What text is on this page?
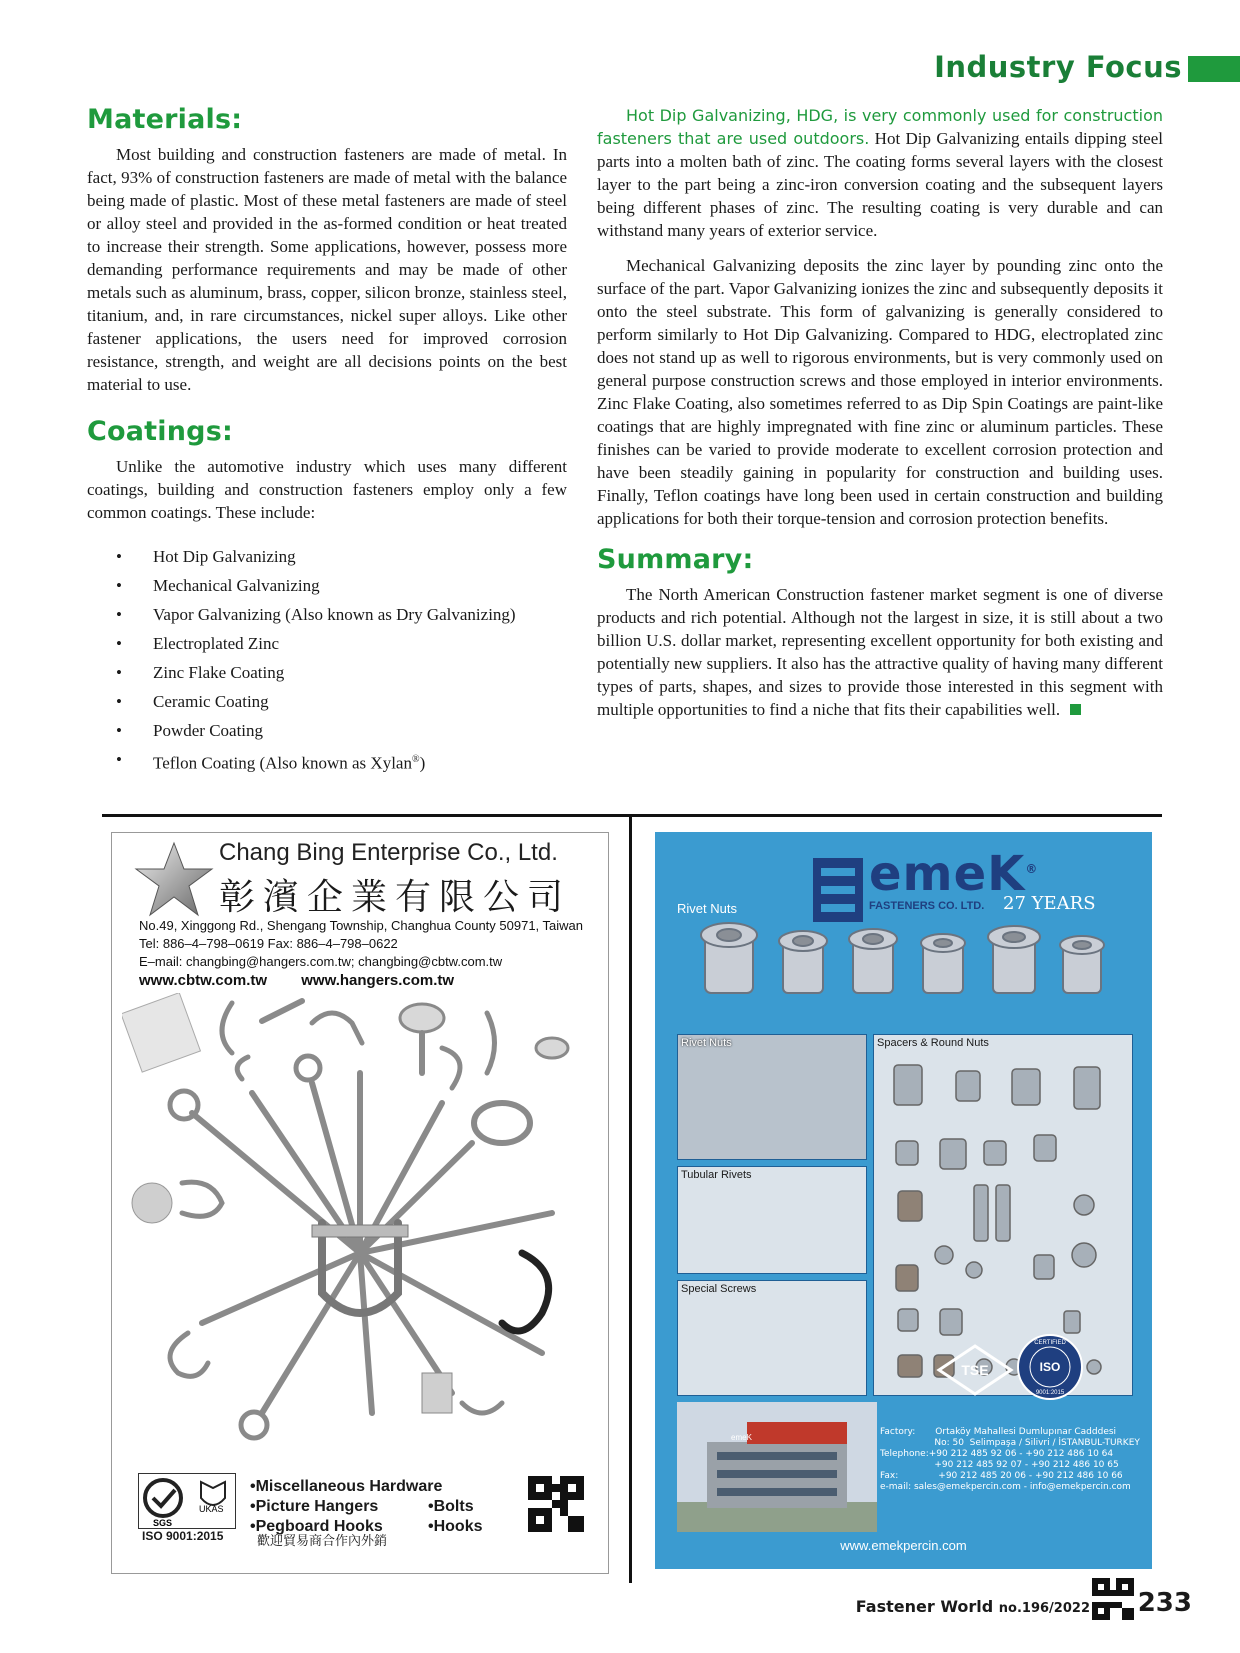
Industry Focus
Materials:

Most building and construction fasteners are made of metal. In fact, 93% of construction fasteners are made of metal with the balance being made of plastic. Most of these metal fasteners are made of steel or alloy steel and provided in the as-formed condition or heat treated to increase their strength. Some applications, however, possess more demanding performance requirements and may be made of other metals such as aluminum, brass, copper, silicon bronze, stainless steel, titanium, and, in rare circumstances, nickel super alloys. Like other fastener applications, the users need for improved corrosion resistance, strength, and weight are all decisions points on the best material to use.

Coatings:

Unlike the automotive industry which uses many different coatings, building and construction fasteners employ only a few common coatings. These include:

• Hot Dip Galvanizing
• Mechanical Galvanizing
• Vapor Galvanizing (Also known as Dry Galvanizing)
• Electroplated Zinc
• Zinc Flake Coating
• Ceramic Coating
• Powder Coating
• Teflon Coating (Also known as Xylan®)

Hot Dip Galvanizing, HDG, is very commonly used for construction fasteners that are used outdoors. Hot Dip Galvanizing entails dipping steel parts into a molten bath of zinc. The coating forms several layers with the closest layer to the part being a zinc-iron conversion coating and the subsequent layers being different phases of zinc. The resulting coating is very durable and can withstand many years of exterior service.

Mechanical Galvanizing deposits the zinc layer by pounding zinc onto the surface of the part. Vapor Galvanizing ionizes the zinc and subsequently deposits it onto the steel substrate. This form of galvanizing is generally considered to perform similarly to Hot Dip Galvanizing. Compared to HDG, electroplated zinc does not stand up as well to rigorous environments, but is very commonly used on general purpose construction screws and those employed in interior environments. Zinc Flake Coating, also sometimes referred to as Dip Spin Coatings are paint-like coatings that are highly impregnated with fine zinc or aluminum particles. These finishes can be varied to provide moderate to excellent corrosion protection and have been steadily gaining in popularity for construction and building uses. Finally, Teflon coatings have long been used in certain construction and building applications for both their torque-tension and corrosion protection benefits.

Summary:

The North American Construction fastener market segment is one of diverse products and rich potential. Although not the largest in size, it is still about a two billion U.S. dollar market, representing excellent opportunity for both existing and potentially new suppliers. It also has the attractive quality of having many different types of parts, shapes, and sizes to provide those interested in this segment with multiple opportunities to find a niche that fits their capabilities well.

Chang Bing Enterprise Co., Ltd.
彰濱企業有限公司
No.49, Xinggong Rd., Shengang Township, Changhua County 50971, Taiwan
Tel: 886–4–798–0619 Fax: 886–4–798–0622
E–mail: changbing@hangers.com.tw; changbing@cbtw.com.tw
www.cbtw.com.tw www.hangers.com.tw
SGS
UKAS
•Miscellaneous Hardware
•Picture Hangers
•Pegboard Hooks
•Bolts
•Hooks
ISO 9001:2015	歡迎貿易商合作內外銷
emeK®
FASTENERS CO. LTD. 27 YEARS
Rivet Nuts
Rivet Nuts
Tubular Rivets
Special Screws
Spacers & Round Nuts
emeK
TSE
CERTIFIED
ISO
9001:2015
Factory:       Ortaköy Mahallesi Dumlupınar Cadddesi
No: 50  Selimpaşa / Silivri / İSTANBUL-TURKEY
Telephone:+90 212 485 92 06 - +90 212 486 10 64
+90 212 485 92 07 - +90 212 486 10 65
Fax:              +90 212 485 20 06 - +90 212 486 10 66
e-mail: sales@emekpercin.com - info@emekpercin.com
www.emekpercin.com
Fastener World no.196/2022 233
